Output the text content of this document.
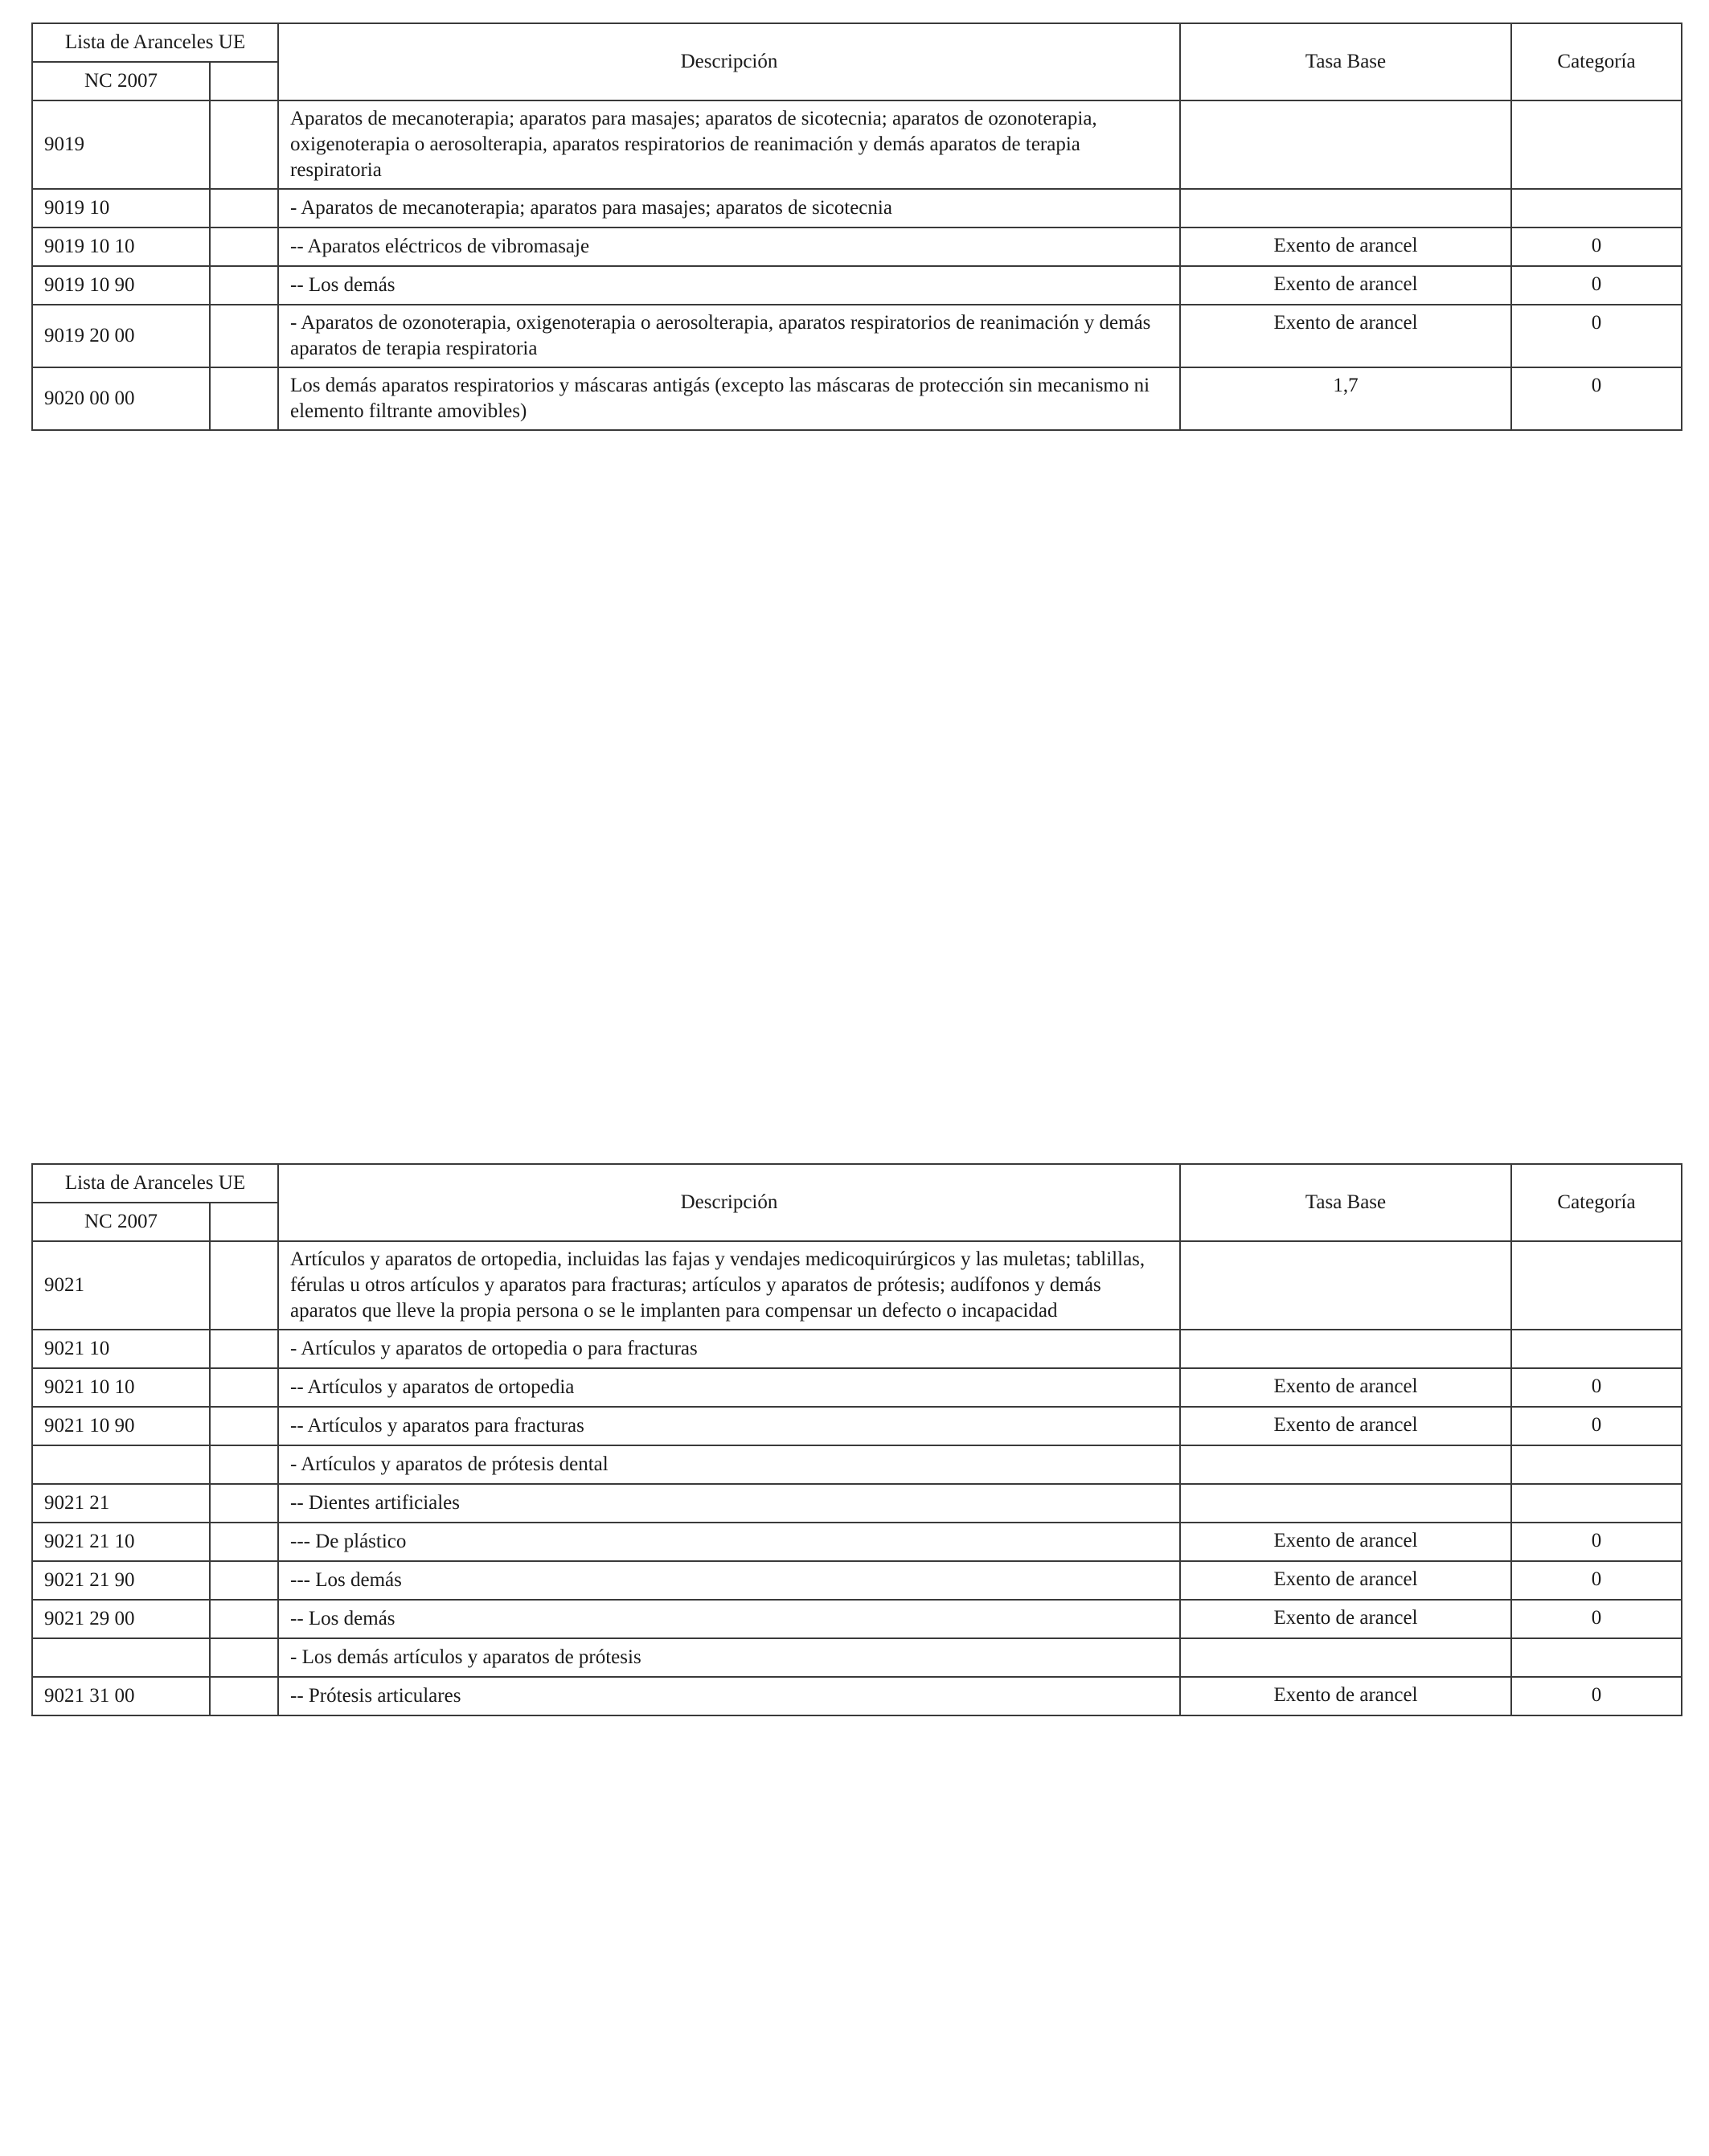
Lista de Aranceles UE		Descripción	Tasa Base	Categoría
NC 2007				
9019		Aparatos de mecanoterapia; aparatos para masajes; aparatos de sicotecnia; aparatos de ozonoterapia, oxigenoterapia o aerosolterapia, aparatos respiratorios de reanimación y demás aparatos de terapia respiratoria		
9019 10		- Aparatos de mecanoterapia; aparatos para masajes; aparatos de sicotecnia		
9019 10 10		-- Aparatos eléctricos de vibromasaje	Exento de arancel	0
9019 10 90		-- Los demás	Exento de arancel	0
9019 20 00		- Aparatos de ozonoterapia, oxigenoterapia o aerosolterapia, aparatos respiratorios de reanimación y demás aparatos de terapia respiratoria	Exento de arancel	0
9020 00 00		Los demás aparatos respiratorios y máscaras antigás (excepto las máscaras de protección sin mecanismo ni elemento filtrante amovibles)	1,7	0
Lista de Aranceles UE		Descripción	Tasa Base	Categoría
NC 2007				
9021		Artículos y aparatos de ortopedia, incluidas las fajas y vendajes medicoquirúrgicos y las muletas; tablillas, férulas u otros artículos y aparatos para fracturas; artículos y aparatos de prótesis; audífonos y demás aparatos que lleve la propia persona o se le implanten para compensar un defecto o incapacidad		
9021 10		- Artículos y aparatos de ortopedia o para fracturas		
9021 10 10		-- Artículos y aparatos de ortopedia	Exento de arancel	0
9021 10 90		-- Artículos y aparatos para fracturas	Exento de arancel	0
		- Artículos y aparatos de prótesis dental		
9021 21		-- Dientes artificiales		
9021 21 10		--- De plástico	Exento de arancel	0
9021 21 90		--- Los demás	Exento de arancel	0
9021 29 00		-- Los demás	Exento de arancel	0
		- Los demás artículos y aparatos de prótesis		
9021 31 00		-- Prótesis articulares	Exento de arancel	0
